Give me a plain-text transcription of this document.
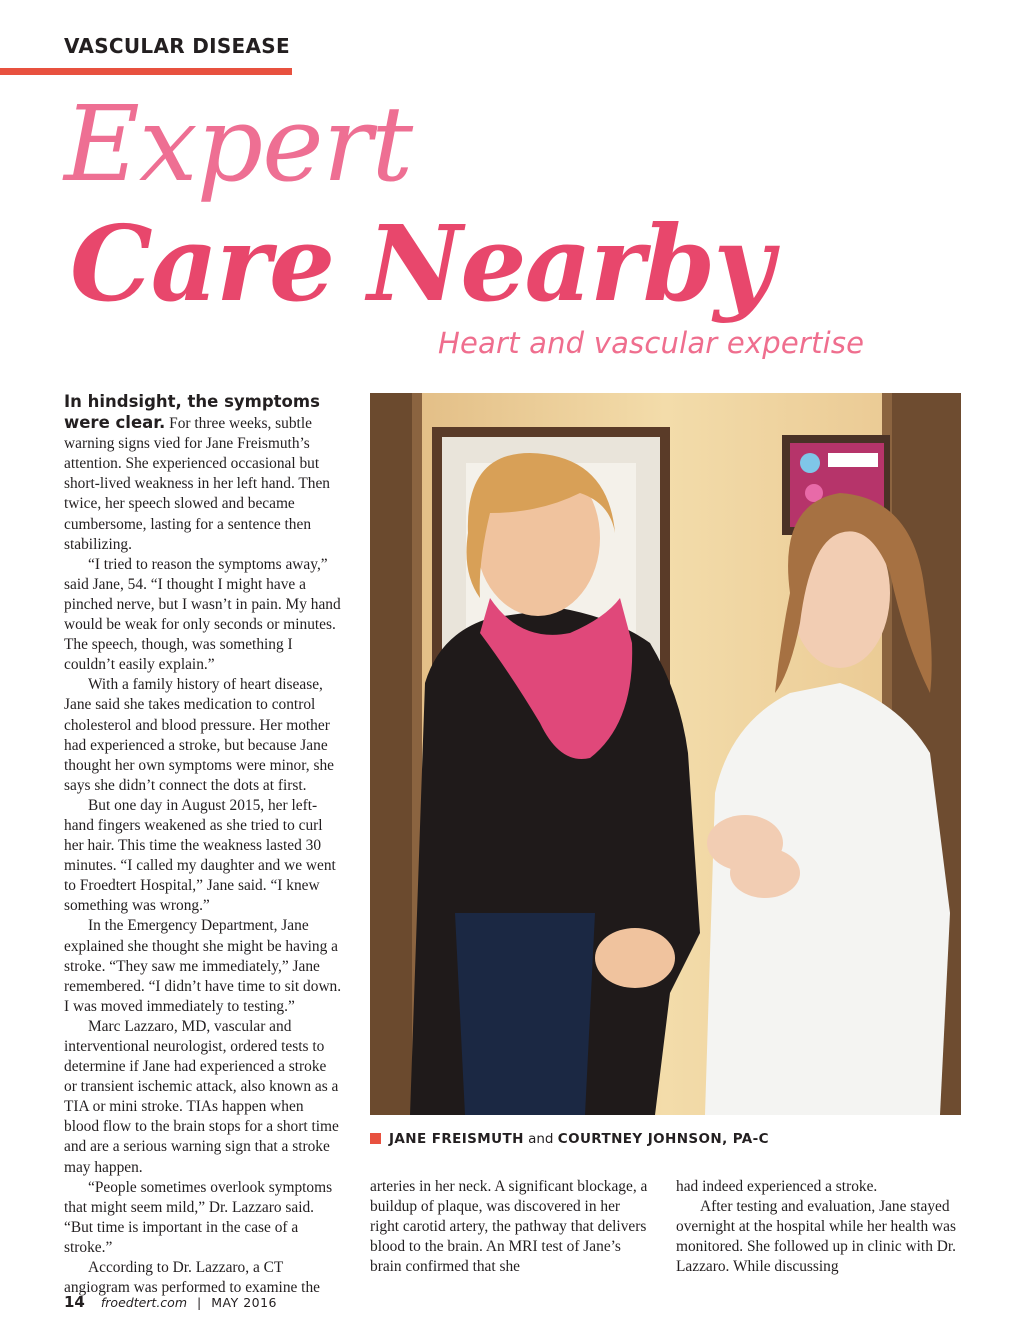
VASCULAR DISEASE
Expert
Care Nearby
Heart and vascular expertise

In hindsight, the symptoms were clear. For three weeks, subtle warning signs vied for Jane Freismuth’s attention. She experienced occasional but short-lived weakness in her left hand. Then twice, her speech slowed and became cumbersome, lasting for a sentence then stabilizing.

“I tried to reason the symptoms away,” said Jane, 54. “I thought I might have a pinched nerve, but I wasn’t in pain. My hand would be weak for only seconds or minutes. The speech, though, was something I couldn’t easily explain.”

With a family history of heart disease, Jane said she takes medication to control cholesterol and blood pressure. Her mother had experienced a stroke, but because Jane thought her own symptoms were minor, she says she didn’t connect the dots at first.

But one day in August 2015, her left-hand fingers weakened as she tried to curl her hair. This time the weakness lasted 30 minutes. “I called my daughter and we went to Froedtert Hospital,” Jane said. “I knew something was wrong.”

In the Emergency Department, Jane explained she thought she might be having a stroke. “They saw me immediately,” Jane remembered. “I didn’t have time to sit down. I was moved immediately to testing.”

Marc Lazzaro, MD, vascular and interventional neurologist, ordered tests to determine if Jane had experienced a stroke or transient ischemic attack, also known as a TIA or mini stroke. TIAs happen when blood flow to the brain stops for a short time and are a serious warning sign that a stroke may happen.

“People sometimes overlook symptoms that might seem mild,” Dr. Lazzaro said. “But time is important in the case of a stroke.”

According to Dr. Lazzaro, a CT angiogram was performed to examine the

JANE FREISMUTH and COURTNEY JOHNSON, PA-C

arteries in her neck. A significant blockage, a buildup of plaque, was discovered in her right carotid artery, the pathway that delivers blood to the brain. An MRI test of Jane’s brain confirmed that she

had indeed experienced a stroke.

After testing and evaluation, Jane stayed overnight at the hospital while her health was monitored. She followed up in clinic with Dr. Lazzaro. While discussing

14 froedtert.com | MAY 2016
